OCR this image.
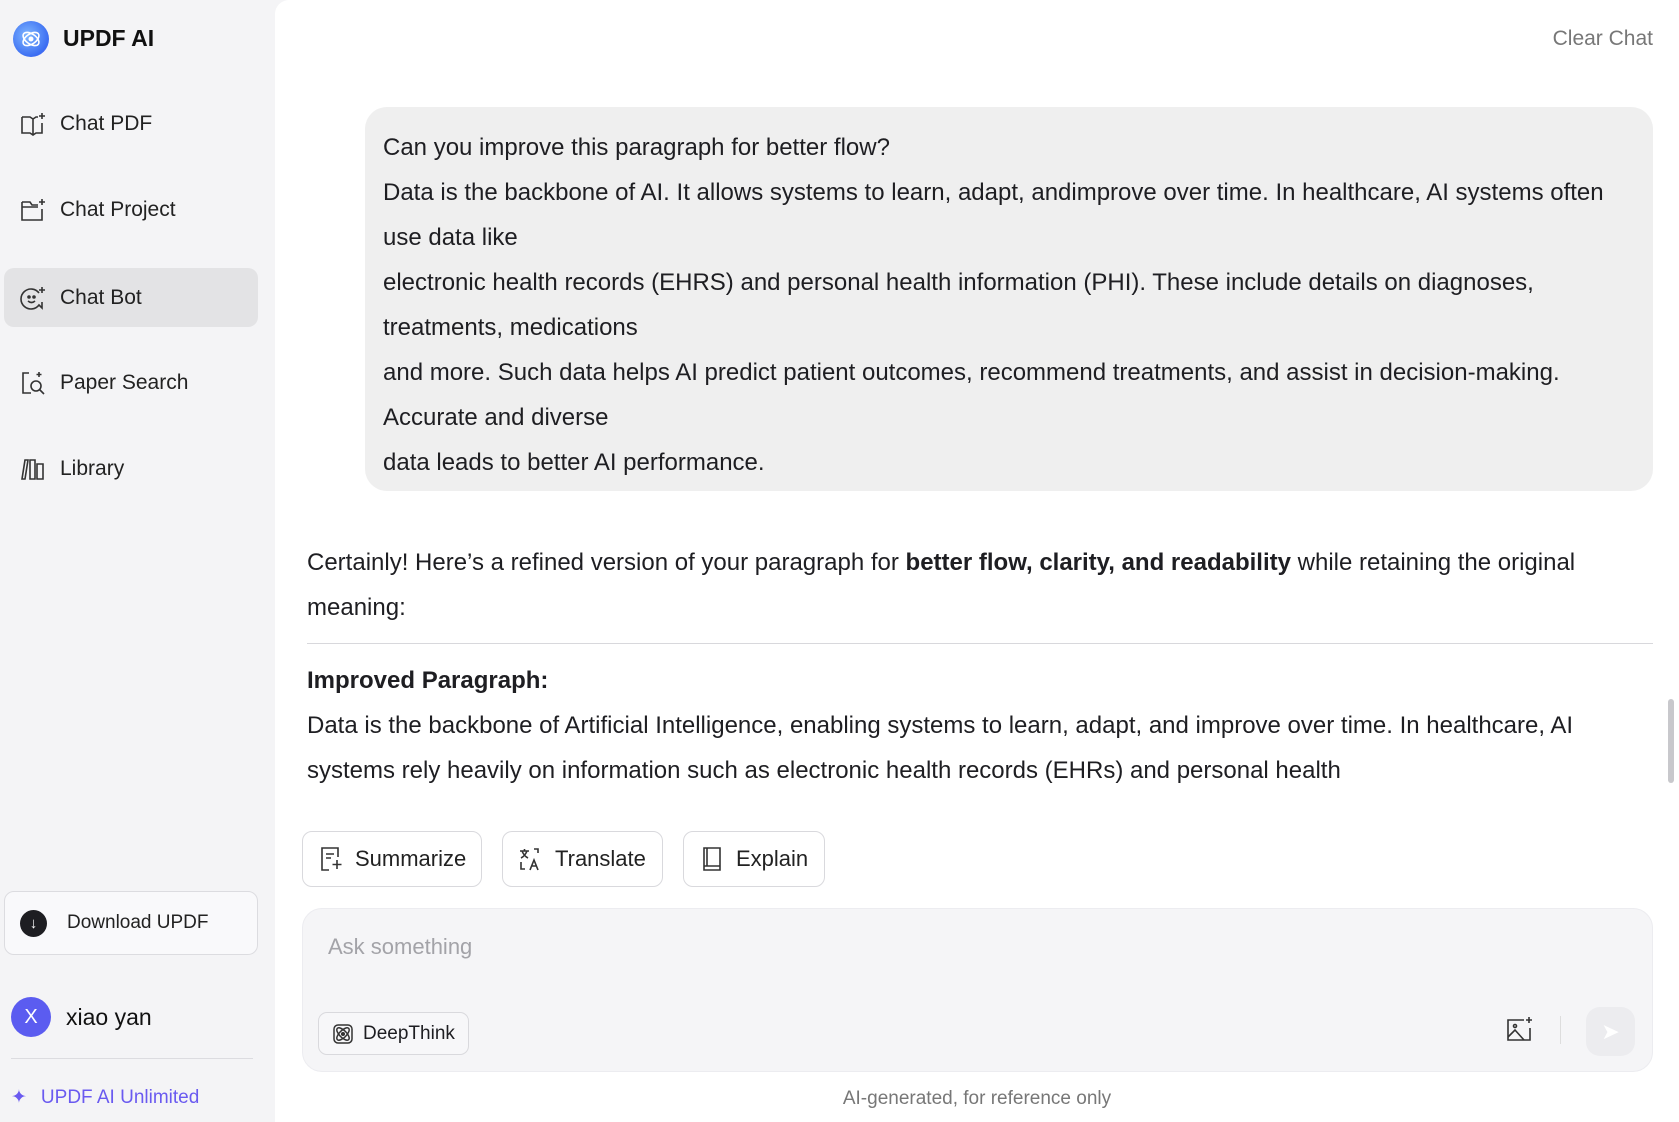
UPDF AI
Chat PDF
Chat Project
Chat Bot
Paper Search
Library
↓	Download UPDF
X	xiao yan
✦ UPDF AI Unlimited
Clear Chat
AI-generated, for reference only
Can you improve this paragraph for better flow?
Data is the backbone of AI. It allows systems to learn, adapt, andimprove over time. In healthcare, AI systems often use data like
electronic health records (EHRS) and personal health information (PHI). These include details on diagnoses, treatments, medications
and more. Such data helps AI predict patient outcomes, recommend treatments, and assist in decision-making. Accurate and diverse
data leads to better AI performance.
Certainly! Here’s a refined version of your paragraph for better flow, clarity, and readability while retaining the original meaning:
Improved Paragraph:
Data is the backbone of Artificial Intelligence, enabling systems to learn, adapt, and improve over time. In healthcare, AI systems rely heavily on information such as electronic health records (EHRs) and personal health
Summarize	Translate	Explain
Ask something
DeepThink	➤
